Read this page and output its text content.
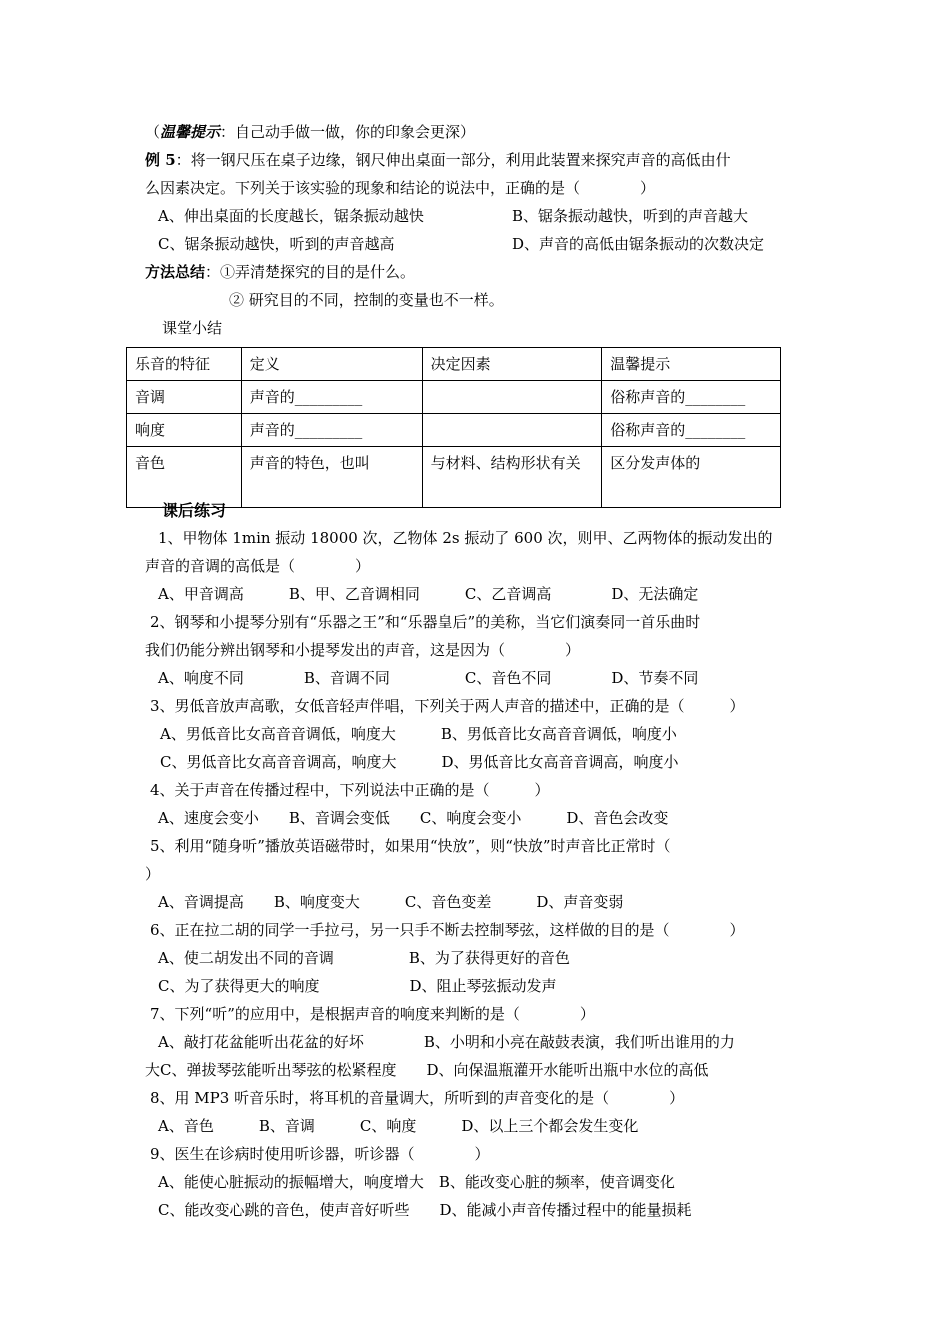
（温馨提示：自己动手做一做，你的印象会更深）
例 5：将一钢尺压在桌子边缘，钢尺伸出桌面一部分，利用此装置来探究声音的高低由什
么因素决定。下列关于该实验的现象和结论的说法中，正确的是（　　　　）
A、伸出桌面的长度越长，锯条振动越快	B、锯条振动越快，听到的声音越大
C、锯条振动越快，听到的声音越高	D、声音的高低由锯条振动的次数决定
方法总结：①弄清楚探究的目的是什么。
② 研究目的不同，控制的变量也不一样。
课堂小结
乐音的特征	定义	决定因素	温馨提示
音调	声音的_________		俗称声音的________
响度	声音的_________		俗称声音的________
音色	声音的特色，也叫	与材料、结构形状有关	区分发声体的
课后练习
1、甲物体 1min 振动 18000 次，乙物体 2s 振动了 600 次，则甲、乙两物体的振动发出的
声音的音调的高低是（　　　　）
A、甲音调高　　　B、甲、乙音调相同　　　C、乙音调高　　　　D、无法确定
2、钢琴和小提琴分别有“乐器之王”和“乐器皇后”的美称，当它们演奏同一首乐曲时
我们仍能分辨出钢琴和小提琴发出的声音，这是因为（　　　　）
A、响度不同　　　　B、音调不同　　　　　C、音色不同　　　　D、节奏不同
3、男低音放声高歌，女低音轻声伴唱，下列关于两人声音的描述中，正确的是（　　　）
A、男低音比女高音音调低，响度大　　　B、男低音比女高音音调低，响度小
C、男低音比女高音音调高，响度大　　　D、男低音比女高音音调高，响度小
4、关于声音在传播过程中，下列说法中正确的是（　　　）
A、速度会变小　　B、音调会变低　　C、响度会变小　　　D、音色会改变
5、利用“随身听”播放英语磁带时，如果用“快放”，则“快放”时声音比正常时（
）
A、音调提高　　B、响度变大　　　C、音色变差　　　D、声音变弱
6、正在拉二胡的同学一手拉弓，另一只手不断去控制琴弦，这样做的目的是（　　　　）
A、使二胡发出不同的音调　　　　　B、为了获得更好的音色
C、为了获得更大的响度　　　　　　D、阻止琴弦振动发声
7、下列“听”的应用中，是根据声音的响度来判断的是（　　　　）
A、敲打花盆能听出花盆的好坏　　　　B、小明和小亮在敲鼓表演，我们听出谁用的力
大C、弹拔琴弦能听出琴弦的松紧程度　　D、向保温瓶灌开水能听出瓶中水位的高低
8、用 MP3 听音乐时，将耳机的音量调大，所听到的声音变化的是（　　　　）
A、音色　　　B、音调　　　C、响度　　　D、以上三个都会发生变化
9、医生在诊病时使用听诊器，听诊器（　　　　）
A、能使心脏振动的振幅增大，响度增大　B、能改变心脏的频率，使音调变化
C、能改变心跳的音色，使声音好听些　　D、能减小声音传播过程中的能量损耗
